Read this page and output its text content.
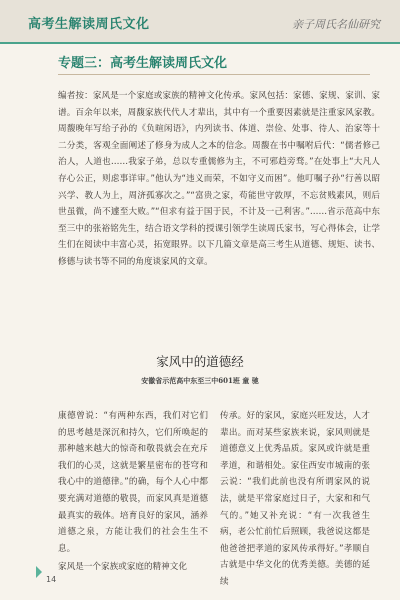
高考生解读周氏文化	亲子周氏名仙研究
专题三：高考生解读周氏文化

编者按：家风是一个家庭或家族的精神文化传承。家风包括：家德、家规、家训、家谱。百余年以来，周馥家族代代人才辈出，其中有一个重要因素就是注重家风家教。周馥晚年写给子孙的《负暄闲语》，内列读书、体道、崇俭、处事、待人、治家等十二分类，客观全面阐述了修身为成人之本的信念。周馥在书中嘱咐后代：“儒者修己治人，人道也……我家子弟，总以专重儒修为主，不可邪趋旁骛。”在处事上“大凡人存心公正，则虑事详审。”他认为“违义而荣，不如守义而困”。他叮嘱子孙“行善以昭兴学、教人为上，周济孤寡次之。”“富贵之家，苟能世守敦厚，不忘贫贱素风，则后世虽微，尚不遽至大败。”“但求有益于国于民，不计及一己利害。”……省示范高中东至三中的张裕铭先生，结合语文学科的授课引领学生读周氏家书，写心得体会，让学生们在阅读中丰富心灵，拓宽眼界。以下几篇文章是高三考生从道德、规矩、读书、修德与读书等不同的角度谈家风的文章。

家风中的道德经
安徽省示范高中东至三中601班 童 驰

康德曾说：“有两种东西，我们对它们的思考越是深沉和持久，它们所唤起的那种越来越大的惊奇和敬畏就会在充斥我们的心灵，这就是繁星密布的苍穹和我心中的道德律。”的确，每个人心中都要充满对道德的敬畏，而家风真是道德最真实的载体。培育良好的家风，涵养道德之泉，方能让我们的社会生生不息。

家风是一个家族或家庭的精神文化

传承。好的家风，家庭兴旺发达，人才辈出。而对某些家族来说，家风则就是道德意义上优秀品质。家风或许就是重孝道，和谐相处。家住西安市城南的张云说：“我们此前也没有所谓家风的说法，就是平常家庭过日子，大家和和气气的。”她又补充说：“有一次我爸生病，老公忙前忙后照顾，我爸说这都是他爸爸把孝道的家风传承得好。”孝顺自古就是中华文化的优秀美德。美德的延续

14
